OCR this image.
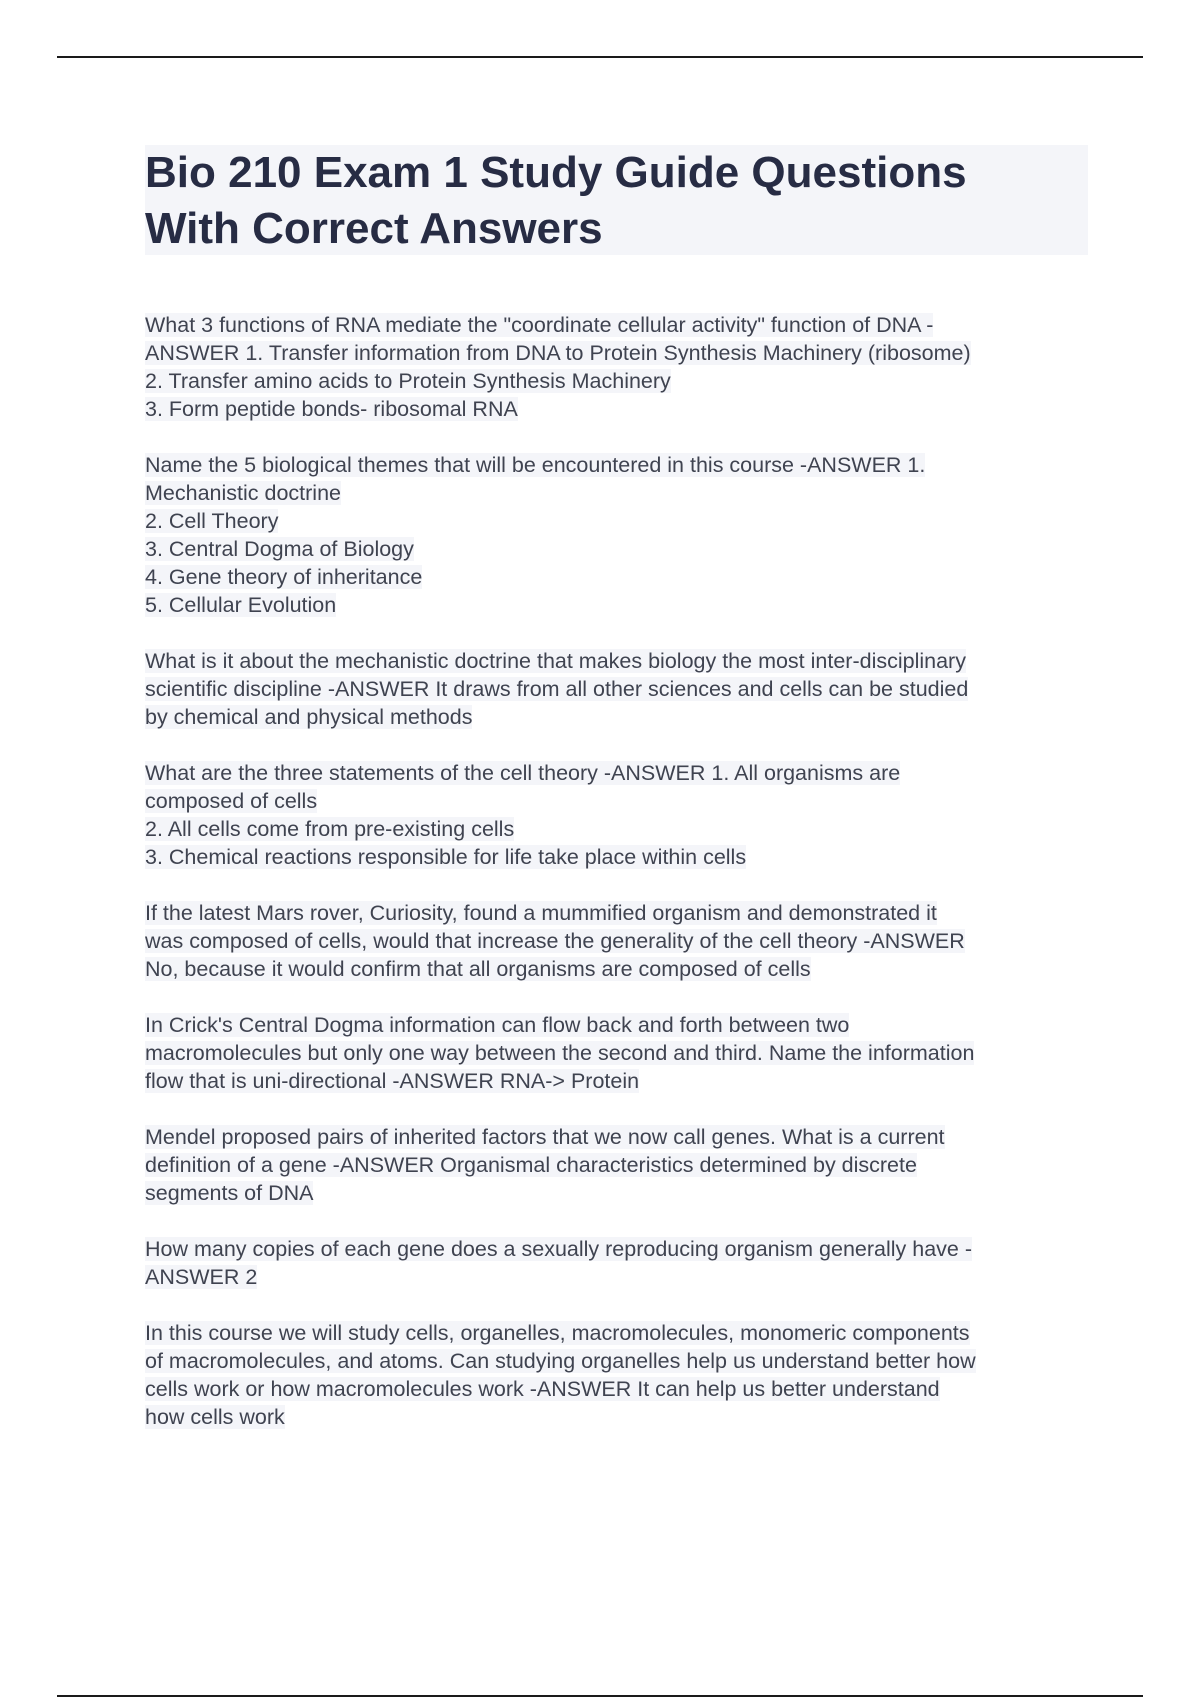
Bio 210 Exam 1 Study Guide Questions
With Correct Answers
What 3 functions of RNA mediate the "coordinate cellular activity" function of DNA -
ANSWER 1. Transfer information from DNA to Protein Synthesis Machinery (ribosome)
2. Transfer amino acids to Protein Synthesis Machinery
3. Form peptide bonds- ribosomal RNA
Name the 5 biological themes that will be encountered in this course -ANSWER 1.
Mechanistic doctrine
2. Cell Theory
3. Central Dogma of Biology
4. Gene theory of inheritance
5. Cellular Evolution
What is it about the mechanistic doctrine that makes biology the most inter-disciplinary
scientific discipline -ANSWER It draws from all other sciences and cells can be studied
by chemical and physical methods
What are the three statements of the cell theory -ANSWER 1. All organisms are
composed of cells
2. All cells come from pre-existing cells
3. Chemical reactions responsible for life take place within cells
If the latest Mars rover, Curiosity, found a mummified organism and demonstrated it
was composed of cells, would that increase the generality of the cell theory -ANSWER
No, because it would confirm that all organisms are composed of cells
In Crick's Central Dogma information can flow back and forth between two
macromolecules but only one way between the second and third. Name the information
flow that is uni-directional -ANSWER RNA-> Protein
Mendel proposed pairs of inherited factors that we now call genes. What is a current
definition of a gene -ANSWER Organismal characteristics determined by discrete
segments of DNA
How many copies of each gene does a sexually reproducing organism generally have -
ANSWER 2
In this course we will study cells, organelles, macromolecules, monomeric components
of macromolecules, and atoms. Can studying organelles help us understand better how
cells work or how macromolecules work -ANSWER It can help us better understand
how cells work
